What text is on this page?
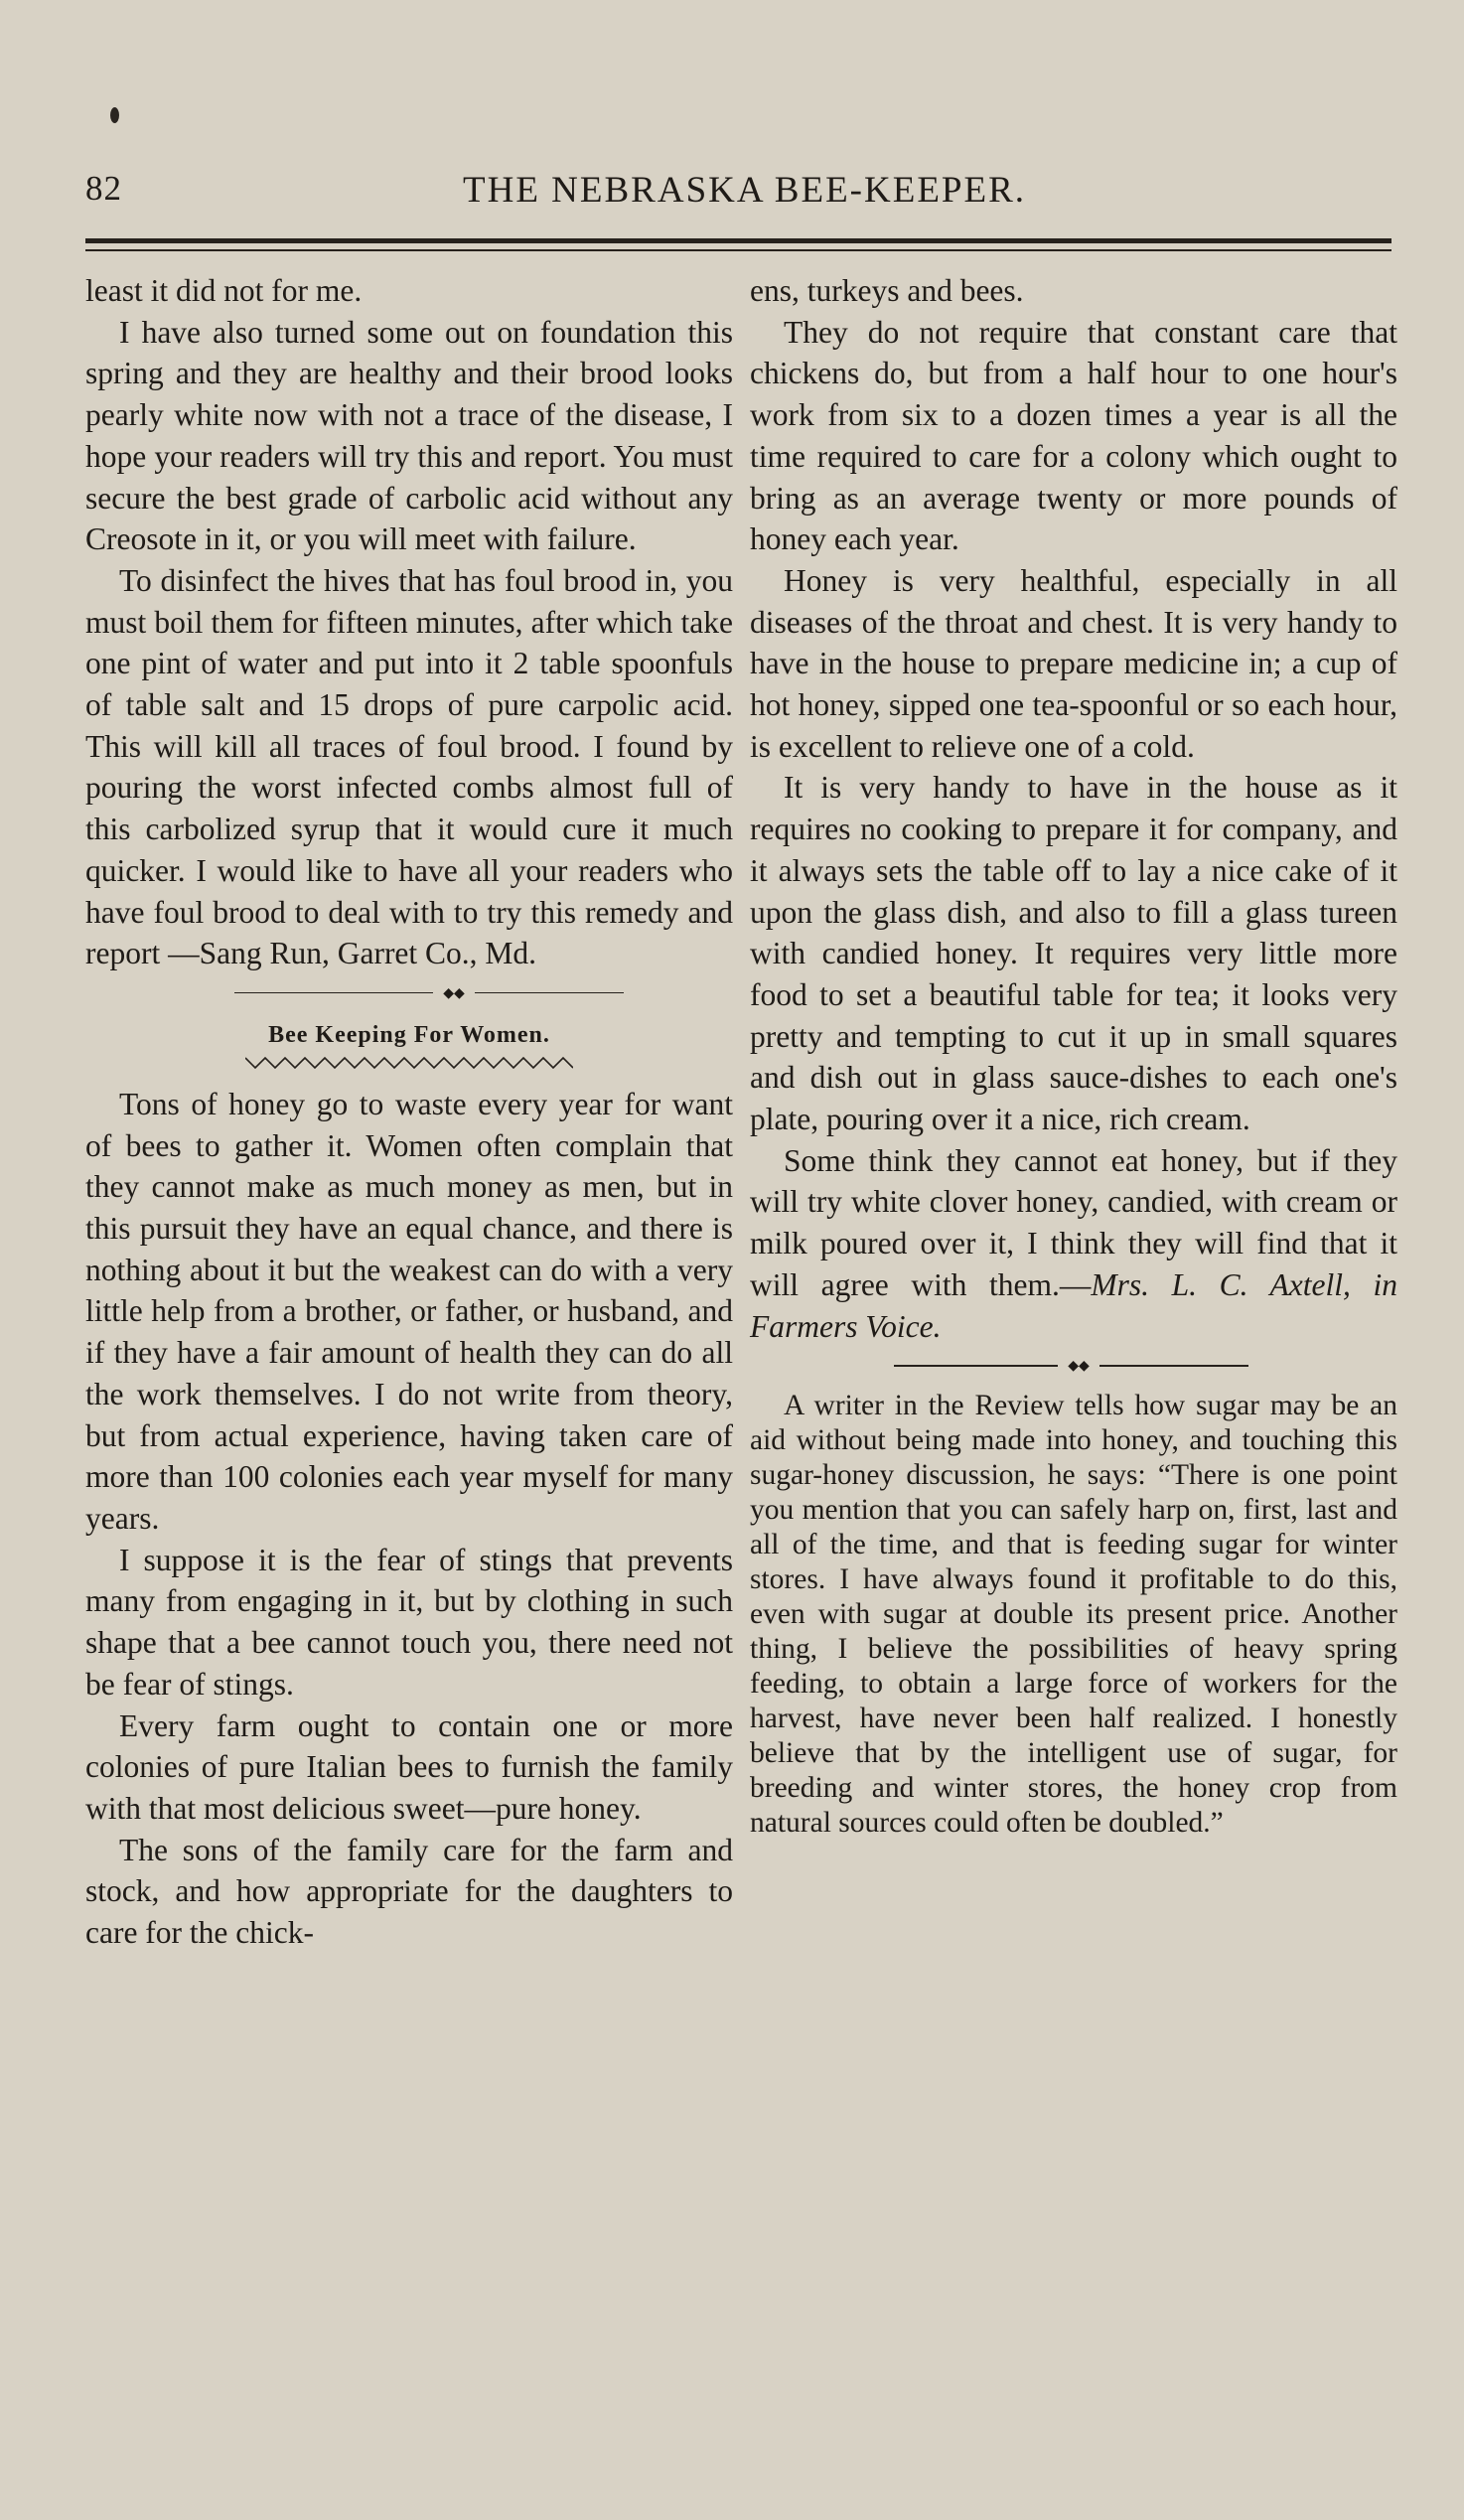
82	THE NEBRASKA BEE-KEEPER.

least it did not for me.

I have also turned some out on foundation this spring and they are healthy and their brood looks pearly white now with not a trace of the disease, I hope your readers will try this and report. You must secure the best grade of carbolic acid without any Creosote in it, or you will meet with failure.

To disinfect the hives that has foul brood in, you must boil them for fifteen minutes, after which take one pint of water and put into it 2 table spoonfuls of table salt and 15 drops of pure carpolic acid. This will kill all traces of foul brood. I found by pouring the worst infected combs almost full of this carbolized syrup that it would cure it much quicker. I would like to have all your readers who have foul brood to deal with to try this remedy and report —Sang Run, Garret Co., Md.

◆◆
Bee Keeping For Women.

Tons of honey go to waste every year for want of bees to gather it. Women often complain that they cannot make as much money as men, but in this pursuit they have an equal chance, and there is nothing about it but the weakest can do with a very little help from a brother, or father, or husband, and if they have a fair amount of health they can do all the work themselves. I do not write from theory, but from actual experience, having taken care of more than 100 colonies each year myself for many years.

I suppose it is the fear of stings that prevents many from engaging in it, but by clothing in such shape that a bee cannot touch you, there need not be fear of stings.

Every farm ought to contain one or more colonies of pure Italian bees to furnish the family with that most delicious sweet—pure honey.

The sons of the family care for the farm and stock, and how appropriate for the daughters to care for the chick-

ens, turkeys and bees.

They do not require that constant care that chickens do, but from a half hour to one hour's work from six to a dozen times a year is all the time required to care for a colony which ought to bring as an average twenty or more pounds of honey each year.

Honey is very healthful, especially in all diseases of the throat and chest. It is very handy to have in the house to prepare medicine in; a cup of hot honey, sipped one tea-spoonful or so each hour, is excellent to relieve one of a cold.

It is very handy to have in the house as it requires no cooking to prepare it for company, and it always sets the table off to lay a nice cake of it upon the glass dish, and also to fill a glass tureen with candied honey. It requires very little more food to set a beautiful table for tea; it looks very pretty and tempting to cut it up in small squares and dish out in glass sauce-dishes to each one's plate, pouring over it a nice, rich cream.

Some think they cannot eat honey, but if they will try white clover honey, candied, with cream or milk poured over it, I think they will find that it will agree with them.—Mrs. L. C. Axtell, in Farmers Voice.

◆◆

A writer in the Review tells how sugar may be an aid without being made into honey, and touching this sugar-honey discussion, he says: “There is one point you mention that you can safely harp on, first, last and all of the time, and that is feeding sugar for winter stores. I have always found it profitable to do this, even with sugar at double its present price. Another thing, I believe the possibilities of heavy spring feeding, to obtain a large force of workers for the harvest, have never been half realized. I honestly believe that by the intelligent use of sugar, for breeding and winter stores, the honey crop from natural sources could often be doubled.”
